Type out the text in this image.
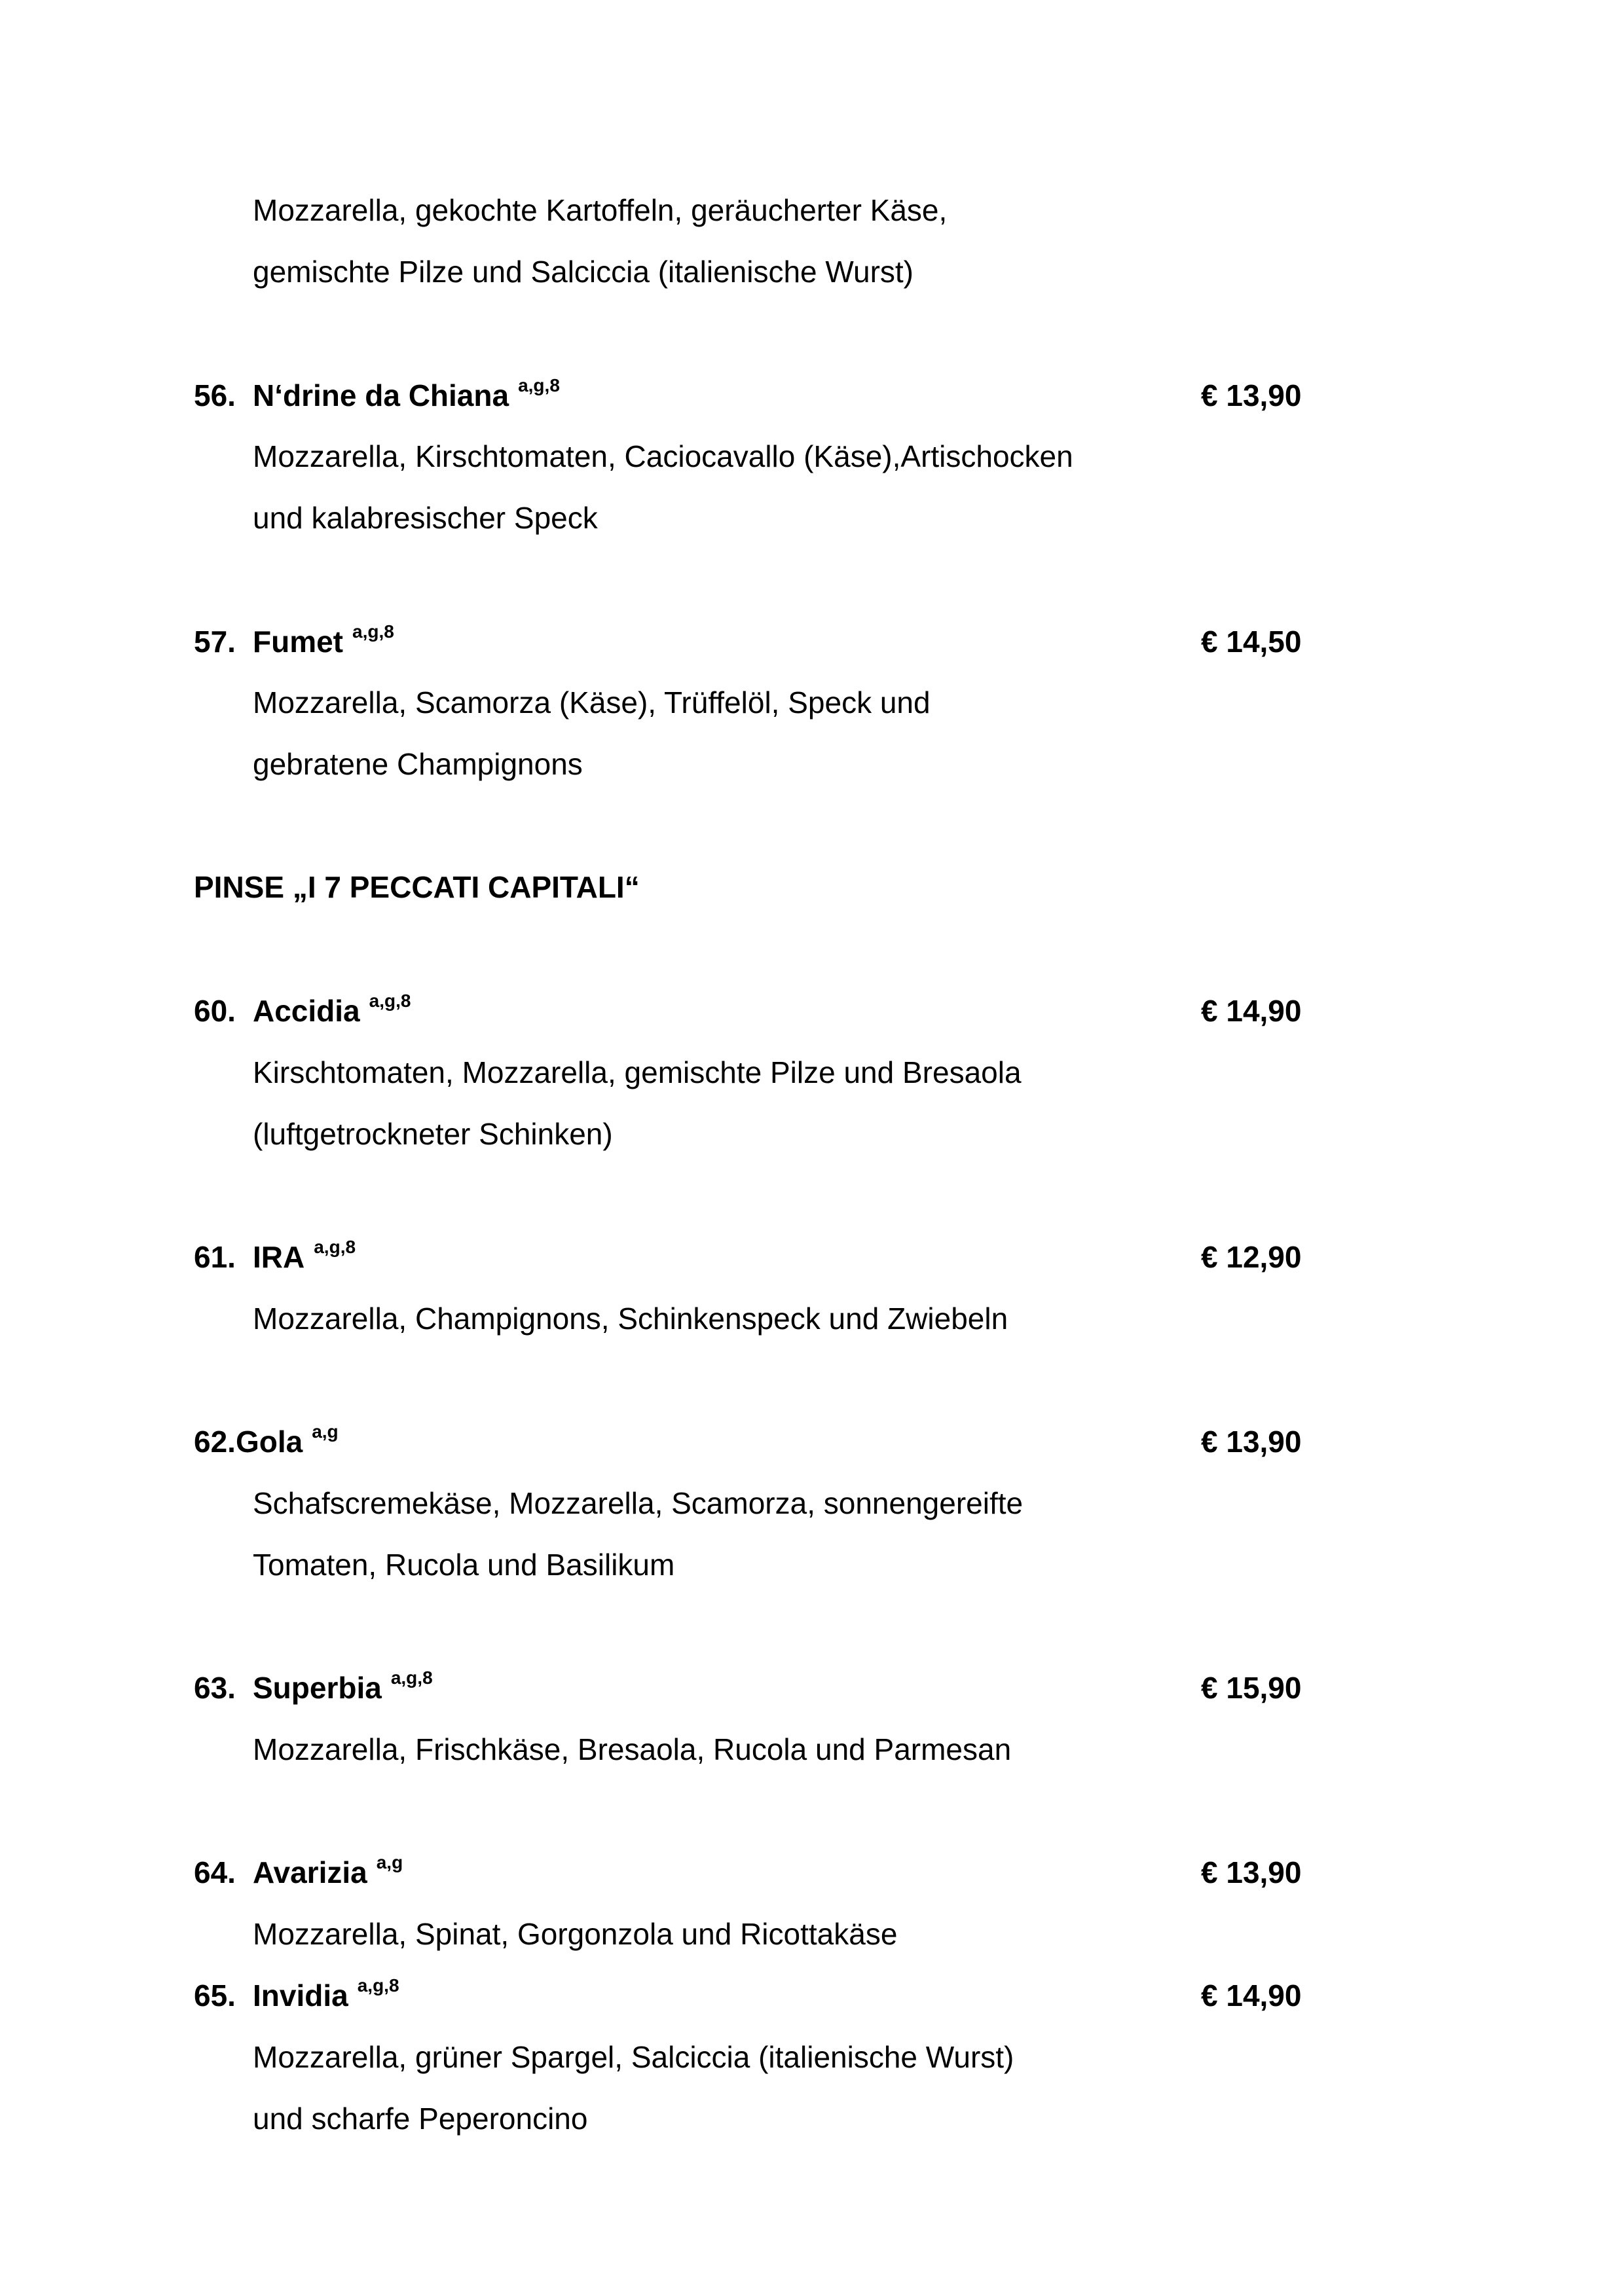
Mozzarella, gekochte Kartoffeln, geräucherter Käse,
gemischte Pilze und Salciccia (italienische Wurst)
56. N‘drine da Chiana $^{a,g,8}$	€ 13,90
Mozzarella, Kirschtomaten, Caciocavallo (Käse),Artischocken
und kalabresischer Speck
57. Fumet $^{a,g,8}$	€ 14,50
Mozzarella, Scamorza (Käse), Trüffelöl, Speck und
gebratene Champignons
PINSE „I 7 PECCATI CAPITALI“
60. Accidia $^{a,g,8}$	€ 14,90
Kirschtomaten, Mozzarella, gemischte Pilze und Bresaola
(luftgetrockneter Schinken)
61. IRA $^{a,g,8}$	€ 12,90
Mozzarella, Champignons, Schinkenspeck und Zwiebeln
62.Gola $^{a,g}$	€ 13,90
Schafscremekäse, Mozzarella, Scamorza, sonnengereifte
Tomaten, Rucola und Basilikum
63. Superbia $^{a,g,8}$	€ 15,90
Mozzarella, Frischkäse, Bresaola, Rucola und Parmesan
64. Avarizia $^{a,g}$	€ 13,90
Mozzarella, Spinat, Gorgonzola und Ricottakäse
65. Invidia $^{a,g,8}$	€ 14,90
Mozzarella, grüner Spargel, Salciccia (italienische Wurst)
und scharfe Peperoncino
